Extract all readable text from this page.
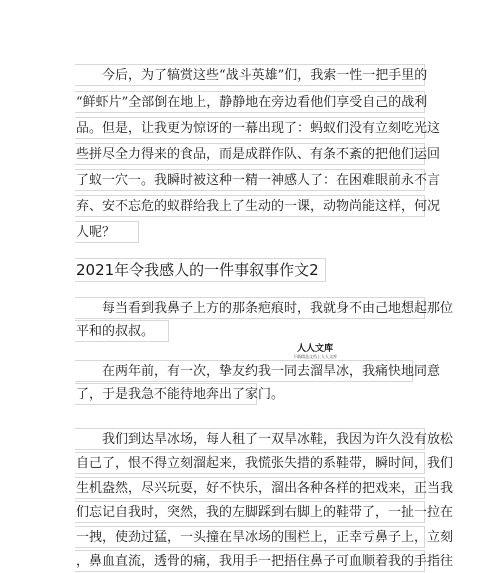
今后，为了犒赏这些“战斗英雄”们，我索一性一把手里的
“鲜虾片”全部倒在地上，静静地在旁边看他们享受自己的战利
品。但是，让我更为惊讶的一幕出现了：蚂蚁们没有立刻吃光这
些拼尽全力得来的食品，而是成群作队、有条不紊的把他们运回
了蚁一穴一。我瞬时被这种一精一神感人了：在困难眼前永不言
弃、安不忘危的蚁群给我上了生动的一课，动物尚能这样，何况
人呢？
2021年令我感人的一件事叙事作文2
每当看到我鼻子上方的那条疤痕时，我就身不由己地想起那位
平和的叔叔。
人人文库
下载精品文档上人人文库
在两年前，有一次，挚友约我一同去溜旱冰，我痛快地同意
了，于是我急不能待地奔出了家门。
我们到达旱冰场，每人租了一双旱冰鞋，我因为许久没有放松
自己了，恨不得立刻溜起来，我慌张失措的系鞋带，瞬时间，我们
生机盎然，尽兴玩耍，好不快乐，溜出各种各样的把戏来，正当我
们忘记自我时，突然，我的左脚踩到右脚上的鞋带了，一扯一拉在
一拽，使劲过猛，一头撞在旱冰场的围栏上，正幸亏鼻子上，立刻
，鼻血直流，透骨的痛，我用手一把捂住鼻子可血顺着我的手指往
